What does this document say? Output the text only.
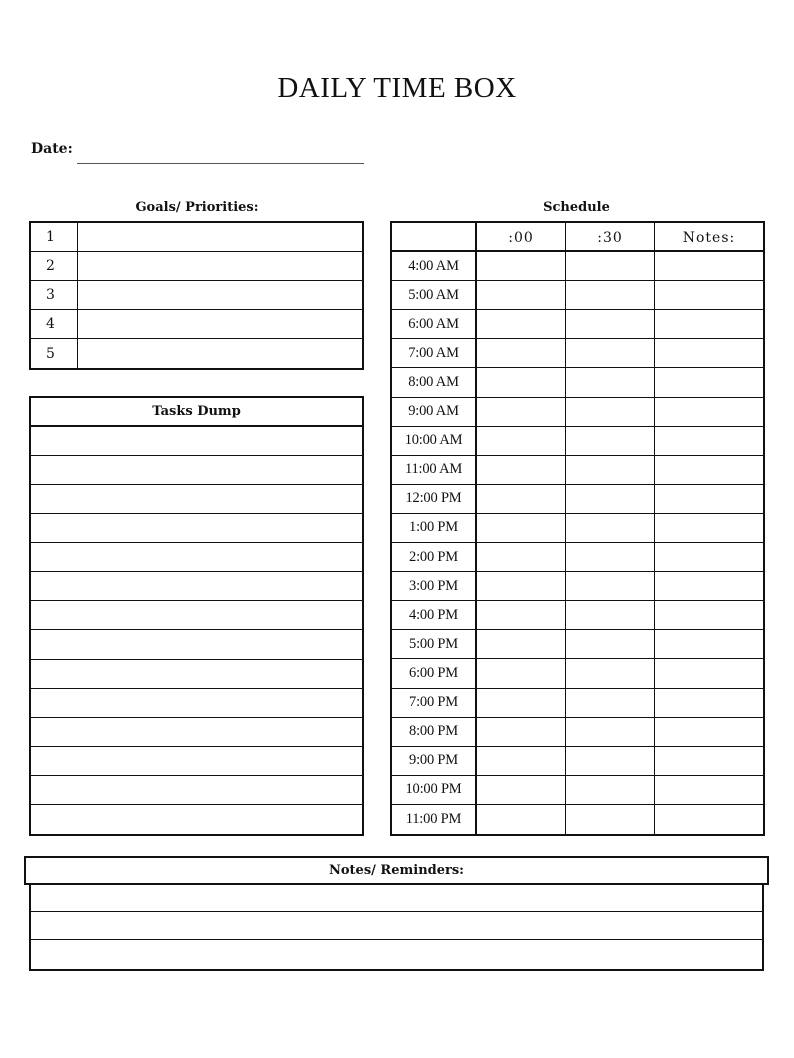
DAILY TIME BOX
Date:
Goals/ Priorities:
1
2
3
4
5
Tasks Dump
Schedule
:00	:30	Notes:
4:00 AM
5:00 AM
6:00 AM
7:00 AM
8:00 AM
9:00 AM
10:00 AM
11:00 AM
12:00 PM
1:00 PM
2:00 PM
3:00 PM
4:00 PM
5:00 PM
6:00 PM
7:00 PM
8:00 PM
9:00 PM
10:00 PM
11:00 PM
Notes/ Reminders:
